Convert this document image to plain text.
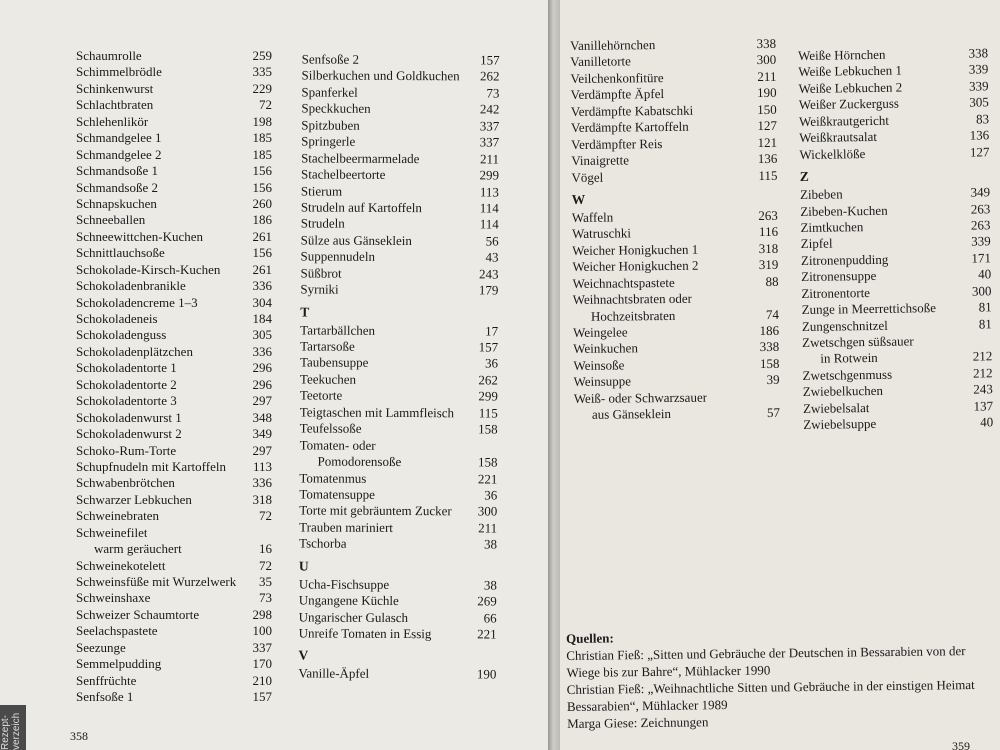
Schaumrolle	259
Schimmelbrödle	335
Schinkenwurst	229
Schlachtbraten	72
Schlehenlikör	198
Schmandgelee 1	185
Schmandgelee 2	185
Schmandsoße 1	156
Schmandsoße 2	156
Schnapskuchen	260
Schneeballen	186
Schneewittchen-Kuchen	261
Schnittlauchsoße	156
Schokolade-Kirsch-Kuchen	261
Schokoladenbranikle	336
Schokoladencreme 1–3	304
Schokoladeneis	184
Schokoladenguss	305
Schokoladenplätzchen	336
Schokoladentorte 1	296
Schokoladentorte 2	296
Schokoladentorte 3	297
Schokoladenwurst 1	348
Schokoladenwurst 2	349
Schoko-Rum-Torte	297
Schupfnudeln mit Kartoffeln	113
Schwabenbrötchen	336
Schwarzer Lebkuchen	318
Schweinebraten	72
Schweinefilet
warm geräuchert	16
Schweinekotelett	72
Schweinsfüße mit Wurzelwerk	35
Schweinshaxe	73
Schweizer Schaumtorte	298
Seelachspastete	100
Seezunge	337
Semmelpudding	170
Senffrüchte	210
Senfsoße 1	157
Senfsoße 2	157
Silberkuchen und Goldkuchen	262
Spanferkel	73
Speckkuchen	242
Spitzbuben	337
Springerle	337
Stachelbeermarmelade	211
Stachelbeertorte	299
Stierum	113
Strudeln auf Kartoffeln	114
Strudeln	114
Sülze aus Gänseklein	56
Suppennudeln	43
Süßbrot	243
Syrniki	179
T
Tartarbällchen	17
Tartarsoße	157
Taubensuppe	36
Teekuchen	262
Teetorte	299
Teigtaschen mit Lammfleisch	115
Teufelssoße	158
Tomaten- oder
Pomodorensoße	158
Tomatenmus	221
Tomatensuppe	36
Torte mit gebräuntem Zucker	300
Trauben mariniert	211
Tschorba	38
U
Ucha-Fischsuppe	38
Ungangene Küchle	269
Ungarischer Gulasch	66
Unreife Tomaten in Essig	221
V
Vanille-Äpfel	190
358
Rezept- verzeich
Vanillehörnchen	338
Vanilletorte	300
Veilchenkonfitüre	211
Verdämpfte Äpfel	190
Verdämpfte Kabatschki	150
Verdämpfte Kartoffeln	127
Verdämpfter Reis	121
Vinaigrette	136
Vögel	115
W
Waffeln	263
Watruschki	116
Weicher Honigkuchen 1	318
Weicher Honigkuchen 2	319
Weichnachtspastete	88
Weihnachtsbraten oder
Hochzeitsbraten	74
Weingelee	186
Weinkuchen	338
Weinsoße	158
Weinsuppe	39
Weiß- oder Schwarzsauer
aus Gänseklein	57
Weiße Hörnchen	338
Weiße Lebkuchen 1	339
Weiße Lebkuchen 2	339
Weißer Zuckerguss	305
Weißkrautgericht	83
Weißkrautsalat	136
Wickelklöße	127
Z
Zibeben	349
Zibeben-Kuchen	263
Zimtkuchen	263
Zipfel	339
Zitronenpudding	171
Zitronensuppe	40
Zitronentorte	300
Zunge in Meerrettichsoße	81
Zungenschnitzel	81
Zwetschgen süßsauer
in Rotwein	212
Zwetschgenmuss	212
Zwiebelkuchen	243
Zwiebelsalat	137
Zwiebelsuppe	40
Quellen:
Christian Fieß: „Sitten und Gebräuche der Deutschen in Bessarabien von der Wiege bis zur Bahre“, Mühlacker 1990
Christian Fieß: „Weihnachtliche Sitten und Gebräuche in der einstigen Heimat Bessarabien“, Mühlacker 1989
Marga Giese: Zeichnungen
359
